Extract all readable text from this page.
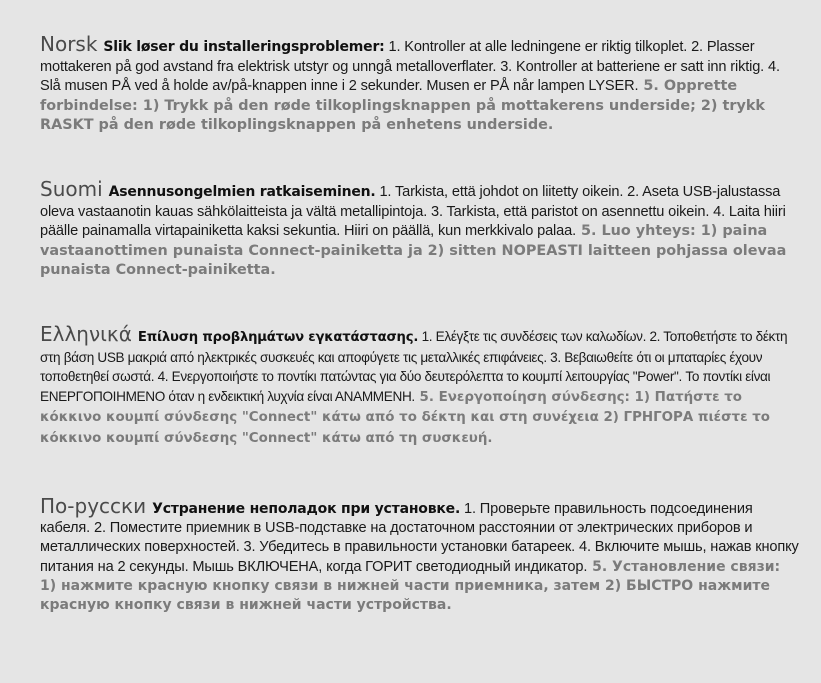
Norsk Slik løser du installeringsproblemer: 1. Kontroller at alle ledningene er riktig tilkoplet. 2. Plasser mottakeren på god avstand fra elektrisk utstyr og unngå metalloverflater. 3. Kontroller at batteriene er satt inn riktig. 4. Slå musen PÅ ved å holde av/på-knappen inne i 2 sekunder. Musen er PÅ når lampen LYSER. 5. Opprette forbindelse: 1) Trykk på den røde tilkoplingsknappen på mottakerens underside; 2) trykk RASKT på den røde tilkoplingsknappen på enhetens underside.
Suomi Asennusongelmien ratkaiseminen. 1. Tarkista, että johdot on liitetty oikein. 2. Aseta USB-jalustassa oleva vastaanotin kauas sähkölaitteista ja vältä metallipintoja. 3. Tarkista, että paristot on asennettu oikein. 4. Laita hiiri päälle painamalla virtapainiketta kaksi sekuntia. Hiiri on päällä, kun merkkivalo palaa. 5. Luo yhteys: 1) paina vastaanottimen punaista Connect-painiketta ja 2) sitten NOPEASTI laitteen pohjassa olevaa punaista Connect-painiketta.
Ελληνικά Επίλυση προβλημάτων εγκατάστασης. 1. Ελέγξτε τις συνδέσεις των καλωδίων. 2. Τοποθετήστε το δέκτη στη βάση USB μακριά από ηλεκτρικές συσκευές και αποφύγετε τις μεταλλικές επιφάνειες. 3. Βεβαιωθείτε ότι οι μπαταρίες έχουν τοποθετηθεί σωστά. 4. Ενεργοποιήστε το ποντίκι πατώντας για δύο δευτερόλεπτα το κουμπί λειτουργίας "Power". Το ποντίκι είναι ΕΝΕΡΓΟΠΟΙΗΜΕΝΟ όταν η ενδεικτική λυχνία είναι ΑΝΑΜΜΕΝΗ. 5. Ενεργοποίηση σύνδεσης: 1) Πατήστε το κόκκινο κουμπί σύνδεσης "Connect" κάτω από το δέκτη και στη συνέχεια 2) ΓΡΗΓΟΡΑ πιέστε το κόκκινο κουμπί σύνδεσης "Connect" κάτω από τη συσκευή.
По-русски Устранение неполадок при установке. 1. Проверьте правильность подсоединения кабеля. 2. Поместите приемник в USB-подставке на достаточном расстоянии от электрических приборов и металлических поверхностей. 3. Убедитесь в правильности установки батареек. 4. Включите мышь, нажав кнопку питания на 2 секунды. Мышь ВКЛЮЧЕНА, когда ГОРИТ светодиодный индикатор. 5. Установление связи: 1) нажмите красную кнопку связи в нижней части приемника, затем 2) БЫСТРО нажмите красную кнопку связи в нижней части устройства.
